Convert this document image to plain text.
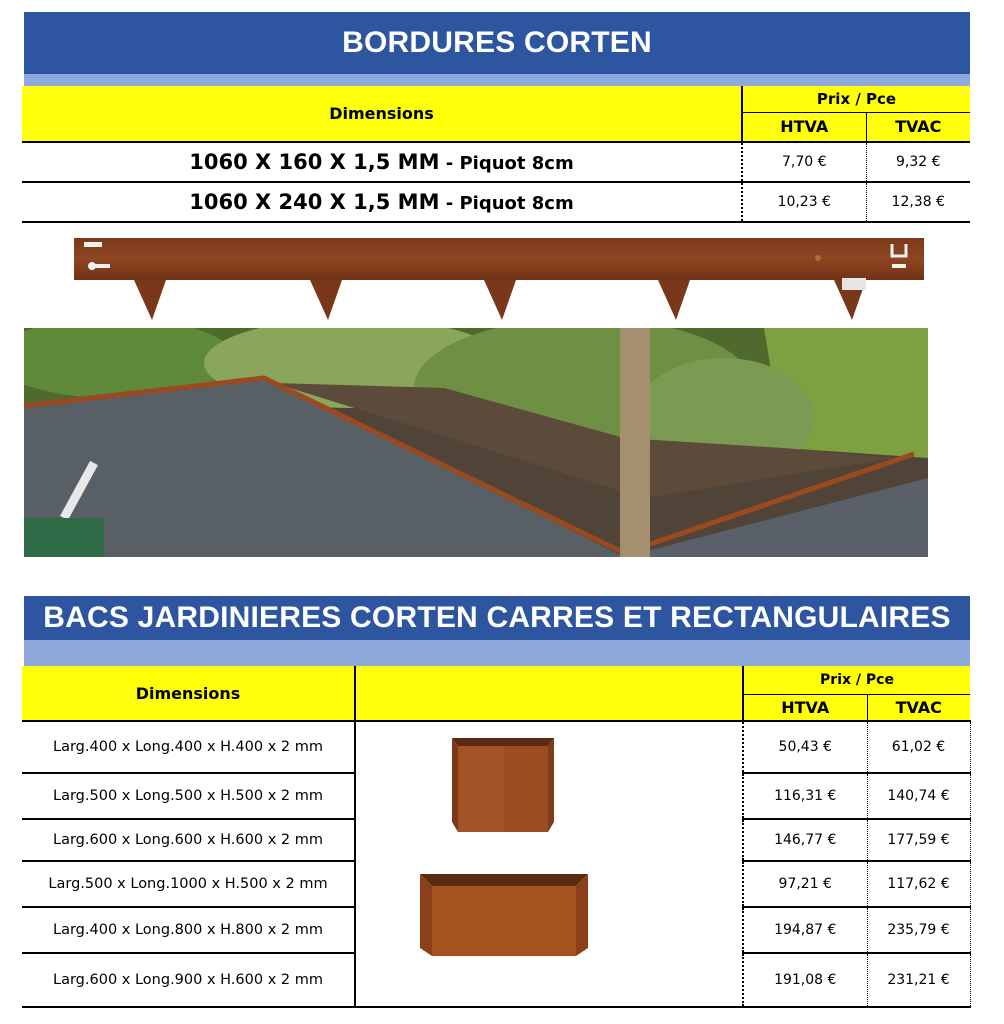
BORDURES CORTEN
Dimensions	Prix / Pce	
	HTVA	TVAC
1060 X 160 X 1,5 MM - Piquot 8cm	7,70 €	9,32 €
1060 X 240 X 1,5 MM - Piquot 8cm	10,23 €	12,38 €
BACS JARDINIERES CORTEN CARRES ET RECTANGULAIRES
Dimensions		Prix / Pce	
		HTVA	TVAC
Larg.400 x Long.400 x H.400 x 2 mm		50,43 €	61,02 €
Larg.500 x Long.500 x H.500 x 2 mm		116,31 €	140,74 €
Larg.600 x Long.600 x H.600 x 2 mm		146,77 €	177,59 €
Larg.500 x Long.1000 x H.500 x 2 mm		97,21 €	117,62 €
Larg.400 x Long.800 x H.800 x 2 mm		194,87 €	235,79 €
Larg.600 x Long.900 x H.600 x 2 mm		191,08 €	231,21 €
